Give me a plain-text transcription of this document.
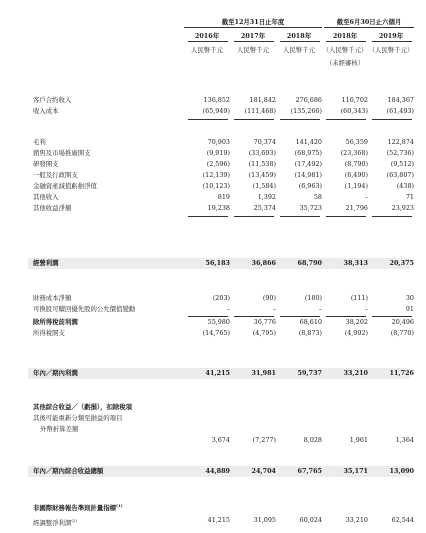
截至12月31日止年度	截至6月30日止六個月
2016年	2017年	2018年	2018年	2019年
人民幣千元	人民幣千元	人民幣千元	（人民幣千元） （人民幣千元）
（未經審核）
客戶合約收入	136,852	181,842	276,686	116,702	184,367
收入成本	(65,949)	(111,468)	(135,266)	(60,343)	(61,493)
毛利	70,903	70,374	141,420	56,359	122,874
銷售及市場推廣開支	(9,919)	(33,693)	(68,975)	(23,368)	(52,736)
研發開支	(2,596)	(11,538)	(17,492)	(8,790)	(9,512)
一般及行政開支	(12,139)	(13,459)	(14,981)	(6,490)	(63,807)
金融資產減值虧損淨值	(10,123)	(1,584)	(6,963)	(1,194)	(438)
其他收入	819	1,392	58	–	71
其他收益淨額	19,238	25,374	35,723	21,796	23,923
經營利潤	56,183	36,866	68,790	38,313	20,375
財務成本淨額	(203)	(90)	(180)	(111)	30
可換股可贖回優先股的公允價值變動	–	–	–	–	91
除所得稅前利潤	55,980	36,776	68,610	38,202	20,496
所得稅開支	(14,765)	(4,795)	(8,873)	(4,992)	(8,770)
年內／期內利潤	41,215	31,981	59,737	33,210	11,726
其他綜合收益／（虧損），扣除稅項
其後可能重新分類至損益的項目
外幣折算差額
3,674	(7,277)	8,028	1,961	1,364
年內／期內綜合收益總額	44,889	24,704	67,765	35,171	13,090
非國際財務報告準則計量指標$^{(1)}$
經調整淨利潤$^{(2)}$	41,215	31,095	60,024	33,210	62,544
